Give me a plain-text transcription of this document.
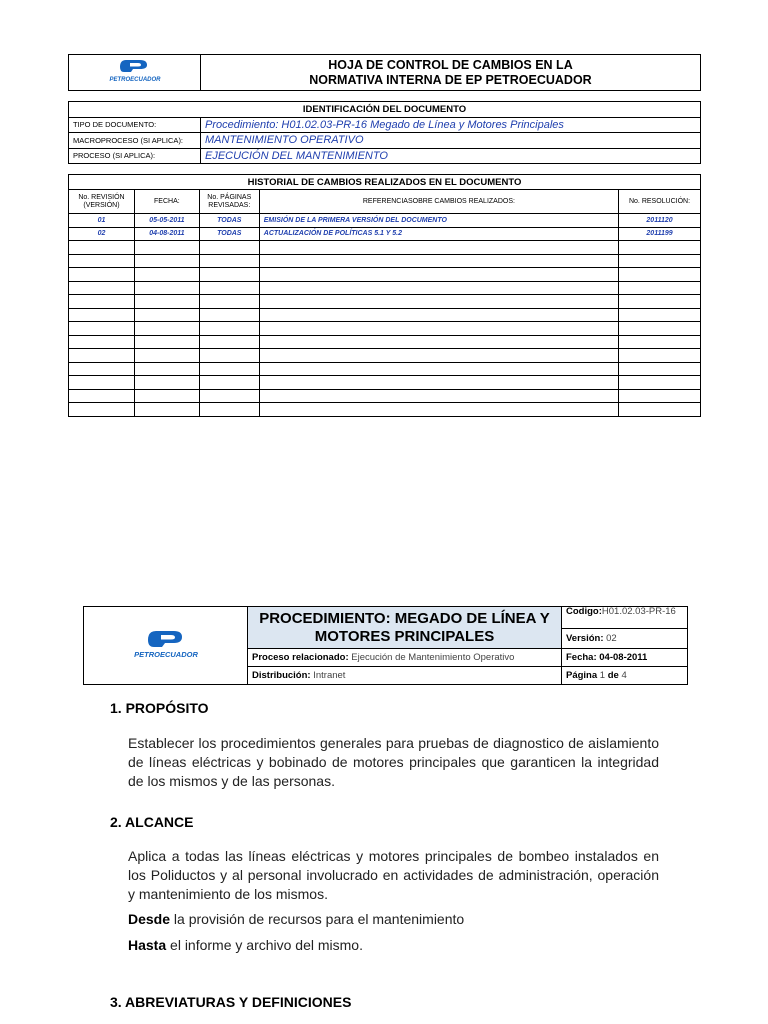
PETROECUADOR

HOJA DE CONTROL DE CAMBIOS EN LA
NORMATIVA INTERNA DE EP PETROECUADOR
IDENTIFICACIÓN DEL DOCUMENTO	
TIPO DE DOCUMENTO:	Procedimiento: H01.02.03-PR-16 Megado de Línea y Motores Principales
MACROPROCESO (SI APLICA):	MANTENIMIENTO OPERATIVO
PROCESO (SI APLICA):	EJECUCIÓN DEL MANTENIMIENTO
HISTORIAL DE CAMBIOS REALIZADOS EN EL DOCUMENTO				
No. REVISIÓN (VERSIÓN)	FECHA:	No. PÁGINAS REVISADAS:	REFERENCIASOBRE CAMBIOS REALIZADOS:	No. RESOLUCIÓN:
01	05-05-2011	TODAS	EMISIÓN DE LA PRIMERA VERSIÓN DEL DOCUMENTO	2011120
02	04-08-2011	TODAS	ACTUALIZACIÓN DE POLÍTICAS 5.1 Y 5.2	2011199

PETROECUADOR	PROCEDIMIENTO: MEGADO DE LÍNEA Y MOTORES PRINCIPALES	Codigo:H01.02.03-PR-16
Versión: 02

	Proceso relacionado: Ejecución de Mantenimiento Operativo	Fecha: 04-08-2011
	Distribución: Intranet	Página 1 de 4
1. PROPÓSITO
Establecer los procedimientos generales para pruebas de diagnostico de aislamiento de líneas eléctricas y bobinado de motores principales que garanticen la integridad de los mismos y de las personas.
2. ALCANCE
Aplica a todas las líneas eléctricas y motores principales de bombeo instalados en los Poliductos y al personal involucrado en actividades de administración, operación y mantenimiento de los mismos.
Desde la provisión de recursos para el mantenimiento
Hasta el informe y archivo del mismo.
3. ABREVIATURAS Y DEFINICIONES
